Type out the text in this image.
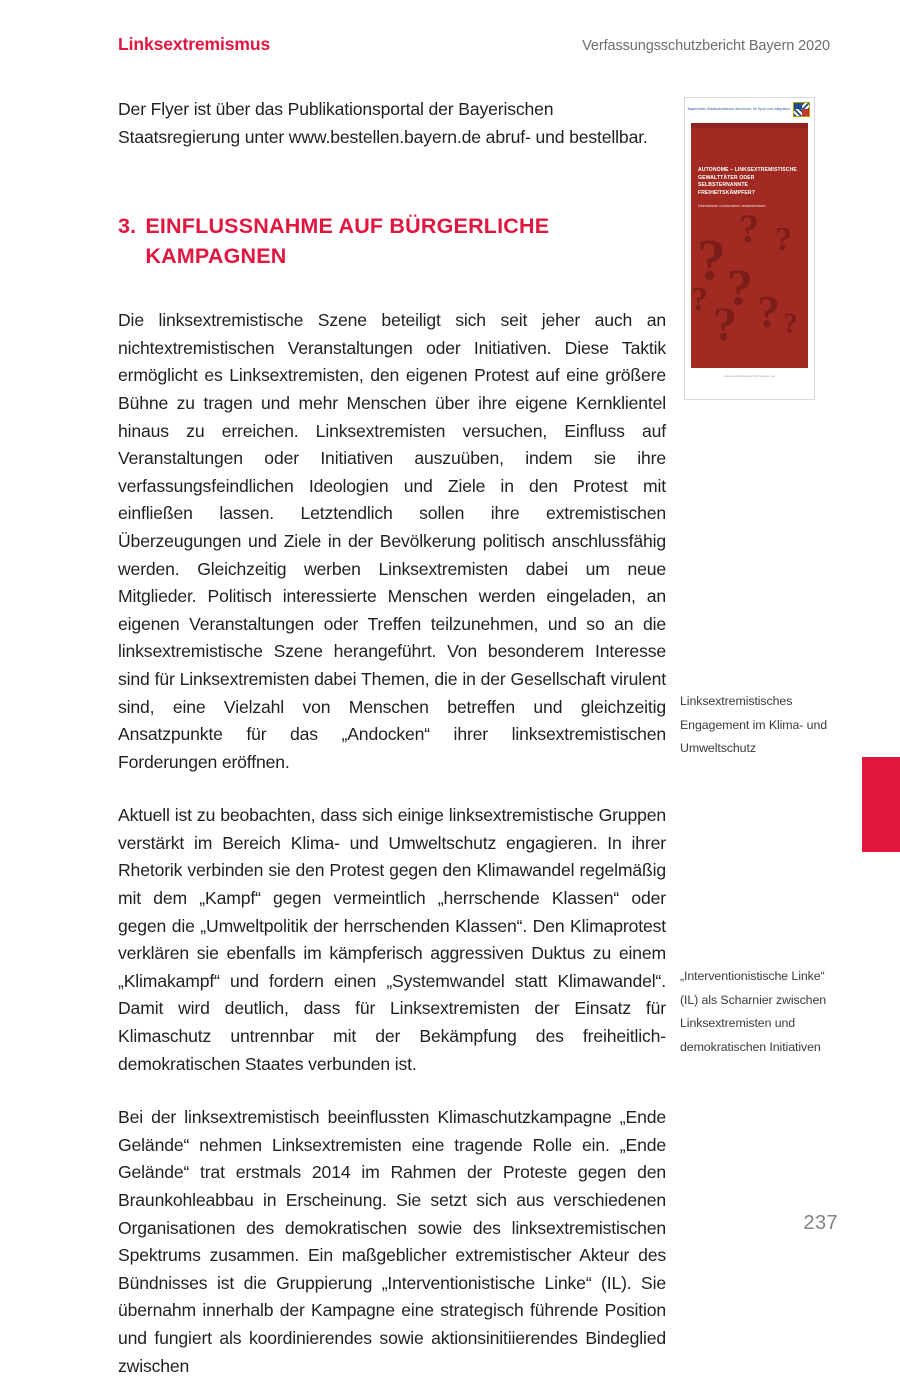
Linksextremismus	Verfassungsschutzbericht Bayern 2020

Der Flyer ist über das Publikationsportal der Bayerischen Staatsregierung unter www.bestellen.bayern.de abruf- und bestellbar.

3. EINFLUSSNAHME AUF BÜRGERLICHE KAMPAGNEN

Die linksextremistische Szene beteiligt sich seit jeher auch an nichtextremistischen Veranstaltungen oder Initiativen. Diese Taktik ermöglicht es Linksextremisten, den eigenen Protest auf eine größere Bühne zu tragen und mehr Menschen über ihre eigene Kernklientel hinaus zu erreichen. Linksextremisten versuchen, Einfluss auf Veranstaltungen oder Initiativen auszuüben, indem sie ihre verfassungsfeindlichen Ideologien und Ziele in den Protest mit einfließen lassen. Letztendlich sollen ihre extremistischen Überzeugungen und Ziele in der Bevölkerung politisch anschlussfähig werden. Gleichzeitig werben Linksextremisten dabei um neue Mitglieder. Politisch interessierte Menschen werden eingeladen, an eigenen Veranstaltungen oder Treffen teilzunehmen, und so an die linksextremistische Szene herangeführt. Von besonderem Interesse sind für Linksextremisten dabei Themen, die in der Gesellschaft virulent sind, eine Vielzahl von Menschen betreffen und gleichzeitig Ansatzpunkte für das „Andocken“ ihrer linksextremistischen Forderungen eröffnen.

Aktuell ist zu beobachten, dass sich einige linksextremistische Gruppen verstärkt im Bereich Klima- und Umweltschutz engagieren. In ihrer Rhetorik verbinden sie den Protest gegen den Klimawandel regelmäßig mit dem „Kampf“ gegen vermeintlich „herrschende Klassen“ oder gegen die „Umweltpolitik der herrschenden Klassen“. Den Klimaprotest verklären sie ebenfalls im kämpferisch aggressiven Duktus zu einem „Klimakampf“ und fordern einen „Systemwandel statt Klimawandel“. Damit wird deutlich, dass für Linksextremisten der Einsatz für Klimaschutz untrennbar mit der Bekämpfung des freiheitlich-demokratischen Staates verbunden ist.

Bei der linksextremistisch beeinflussten Klimaschutzkampagne „Ende Gelände“ nehmen Linksextremisten eine tragende Rolle ein. „Ende Gelände“ trat erstmals 2014 im Rahmen der Proteste gegen den Braunkohleabbau in Erscheinung. Sie setzt sich aus verschiedenen Organisationen des demokratischen sowie des linksextremistischen Spektrums zusammen. Ein maßgeblicher extremistischer Akteur des Bündnisses ist die Gruppierung „Interventionistische Linke“ (IL). Sie übernahm innerhalb der Kampagne eine strategisch führende Position und fungiert als koordinierendes sowie aktionsinitiierendes Bindeglied zwischen

Linksextremistisches Engagement im Klima- und Umweltschutz
„Interventionistische Linke“ (IL) als Scharnier zwischen Linksextremisten und demokratischen Initiativen
Bayerisches Staatsministerium des Innern, für Sport und Integration
? ? ?
?
? ? ? ?
AUTONOME – LINKSEXTREMISTISCHE GEWALTTÄTER ODER SELBSTERNANNTE FREIHEITSKÄMPFER?
Informationen zu autonomen Linksextremisten
www.verfassungsschutz.bayern.de
237
